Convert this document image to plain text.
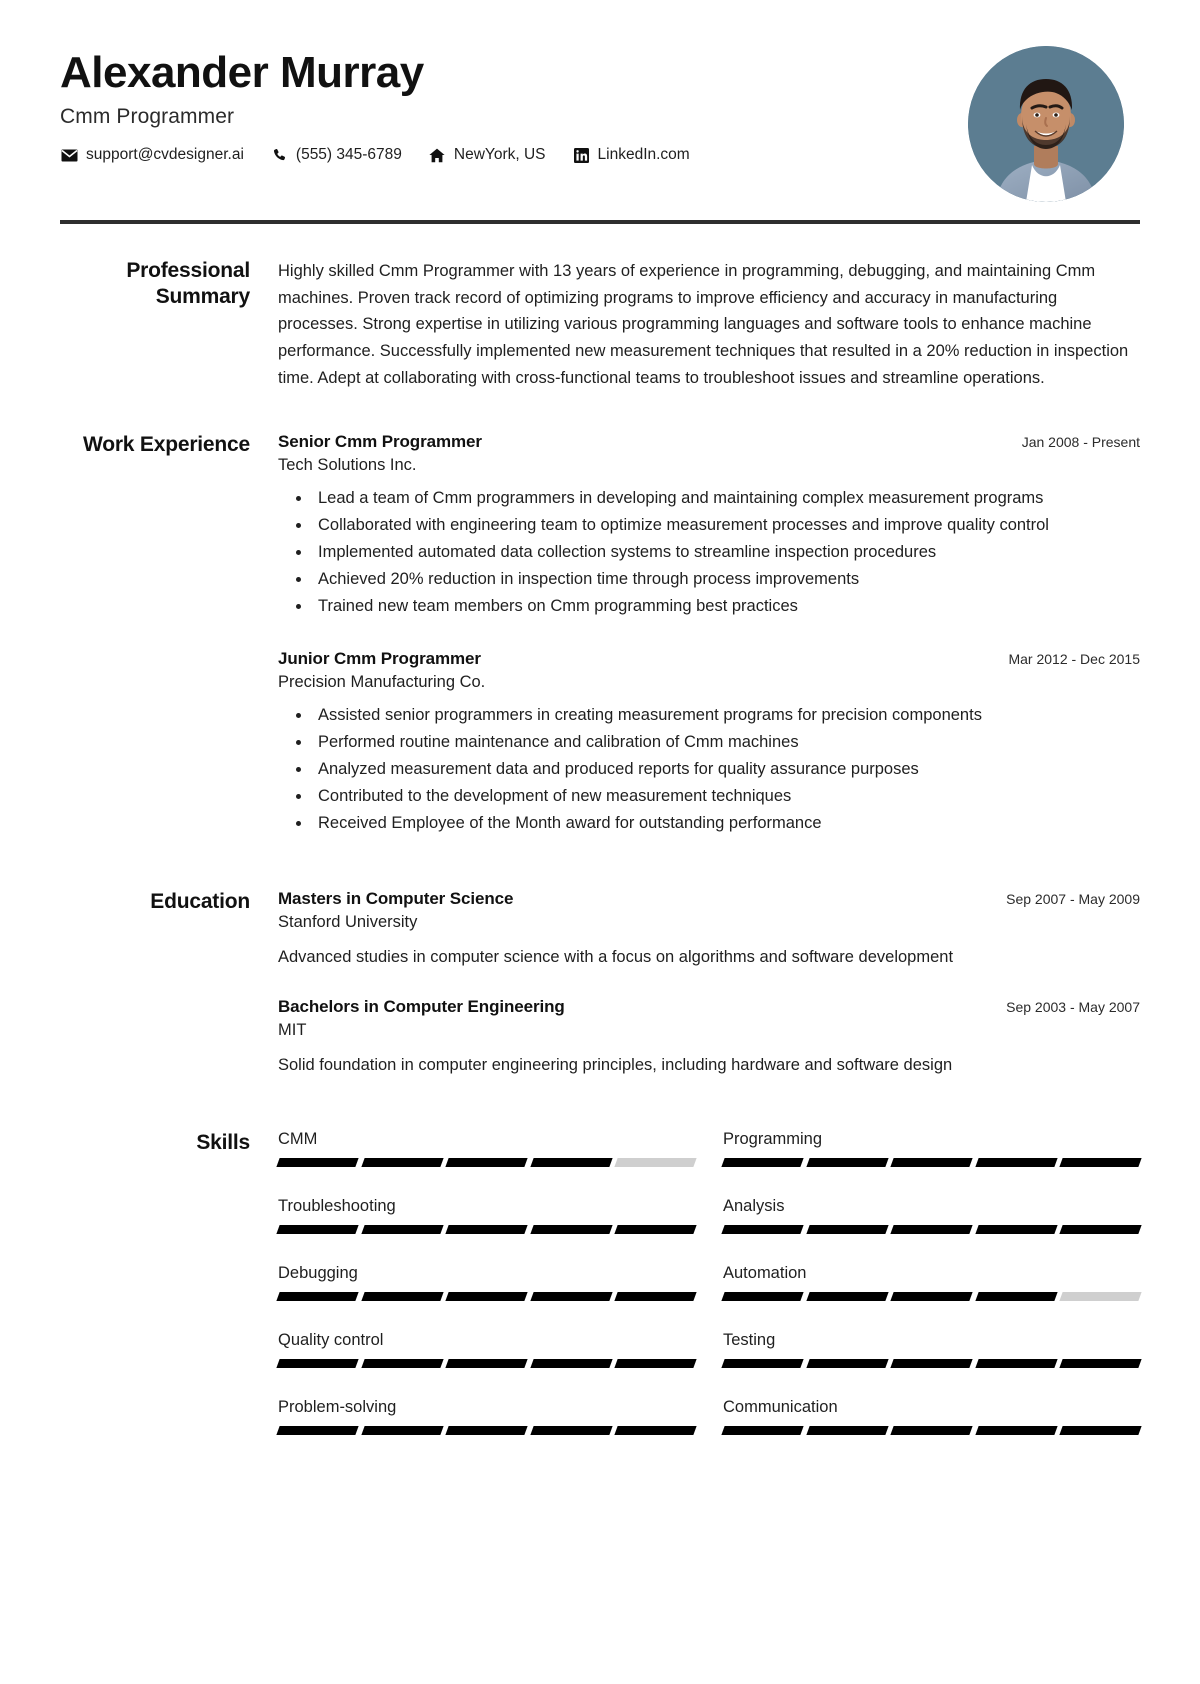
Alexander Murray
Cmm Programmer
support@cvdesigner.ai	(555) 345-6789	NewYork, US	LinkedIn.com
Professional Summary
Highly skilled Cmm Programmer with 13 years of experience in programming, debugging, and maintaining Cmm machines. Proven track record of optimizing programs to improve efficiency and accuracy in manufacturing processes. Strong expertise in utilizing various programming languages and software tools to enhance machine performance. Successfully implemented new measurement techniques that resulted in a 20% reduction in inspection time. Adept at collaborating with cross-functional teams to troubleshoot issues and streamline operations.
Work Experience	Senior Cmm Programmer	Jan 2008 - Present
Tech Solutions Inc.
• Lead a team of Cmm programmers in developing and maintaining complex measurement programs
• Collaborated with engineering team to optimize measurement processes and improve quality control
• Implemented automated data collection systems to streamline inspection procedures
• Achieved 20% reduction in inspection time through process improvements
• Trained new team members on Cmm programming best practices
Junior Cmm Programmer	Mar 2012 - Dec 2015
Precision Manufacturing Co.
• Assisted senior programmers in creating measurement programs for precision components
• Performed routine maintenance and calibration of Cmm machines
• Analyzed measurement data and produced reports for quality assurance purposes
• Contributed to the development of new measurement techniques
• Received Employee of the Month award for outstanding performance
Education	Masters in Computer Science	Sep 2007 - May 2009
Stanford University
Advanced studies in computer science with a focus on algorithms and software development
Bachelors in Computer Engineering	Sep 2003 - May 2007
MIT
Solid foundation in computer engineering principles, including hardware and software design
Skills	CMM	Programming
Troubleshooting	Analysis
Debugging	Automation
Quality control	Testing
Problem-solving	Communication
